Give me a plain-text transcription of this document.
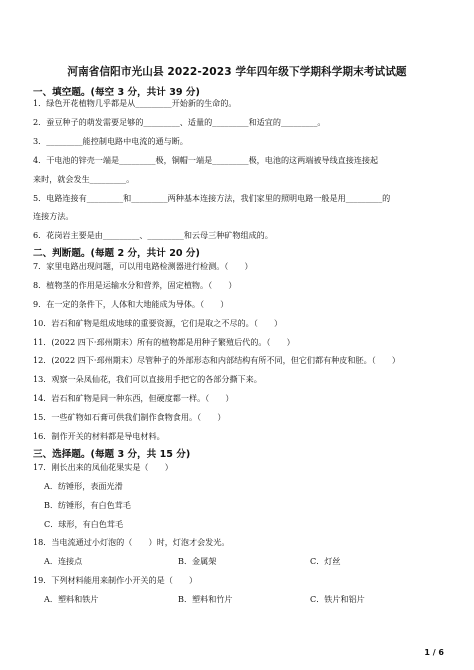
河南省信阳市光山县 2022-2023 学年四年级下学期科学期末考试试题
一、填空题。(每空 3 分，共计 39 分)
1．绿色开花植物几乎都是从_________开始新的生命的。
2．蚕豆种子的萌发需要足够的_________、适量的_________和适宜的_________。
3．_________能控制电路中电流的通与断。
4．干电池的锌壳一端是_________极，铜帽一端是_________极，电池的这两端被导线直接连接起
来时，就会发生_________。
5．电路连接有_________和_________两种基本连接方法，我们家里的照明电路一般是用_________的
连接方法。
6．花岗岩主要是由_________、_________和云母三种矿物组成的。
二、判断题。(每题 2 分，共计 20 分)
7．家里电路出现问题，可以用电路检测器进行检测。（　　）
8．植物茎的作用是运输水分和营养，固定植物。（　　）
9．在一定的条件下，人体和大地能成为导体。（　　）
10．岩石和矿物是组成地球的重要资源，它们是取之不尽的。（　　）
11．(2022 四下·邳州期末）所有的植物都是用种子繁殖后代的。（　　）
12．(2022 四下·邳州期末）尽管种子的外部形态和内部结构有所不同，但它们都有种皮和胚。（　　）
13．观察一朵凤仙花，我们可以直接用手把它的各部分撕下来。
14．岩石和矿物是同一种东西，但硬度都一样。（　　）
15．一些矿物如石膏可供我们制作食物食用。（　　）
16．制作开关的材料都是导电材料。
三、选择题。(每题 3 分，共 15 分)
17．刚长出来的凤仙花果实是（　　）
A．纺锤形，表面光滑
B．纺锤形，有白色茸毛
C．球形，有白色茸毛
18．当电流通过小灯泡的（　　）时，灯泡才会发光。
A．连接点	B．金属架	C．灯丝
19．下列材料能用来制作小开关的是（　　）
A．塑料和铁片	B．塑料和竹片	C．铁片和铝片
1 / 6
